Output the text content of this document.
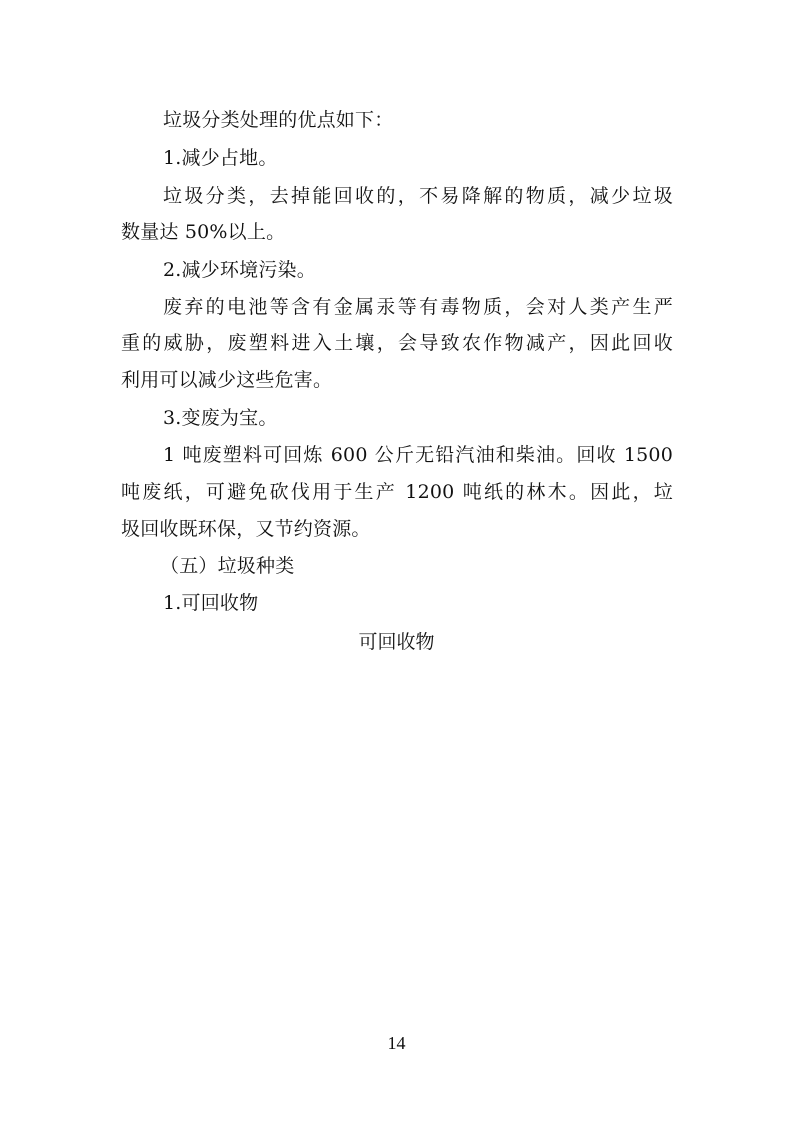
垃圾分类处理的优点如下：
1.减少占地。
垃圾分类，去掉能回收的，不易降解的物质，减少垃圾
数量达 50%以上。
2.减少环境污染。
废弃的电池等含有金属汞等有毒物质，会对人类产生严
重的威胁，废塑料进入土壤，会导致农作物减产，因此回收
利用可以减少这些危害。
3.变废为宝。
1 吨废塑料可回炼 600 公斤无铅汽油和柴油。回收 1500
吨废纸，可避免砍伐用于生产 1200 吨纸的林木。因此，垃
圾回收既环保，又节约资源。
（五）垃圾种类
1.可回收物
可回收物
14
